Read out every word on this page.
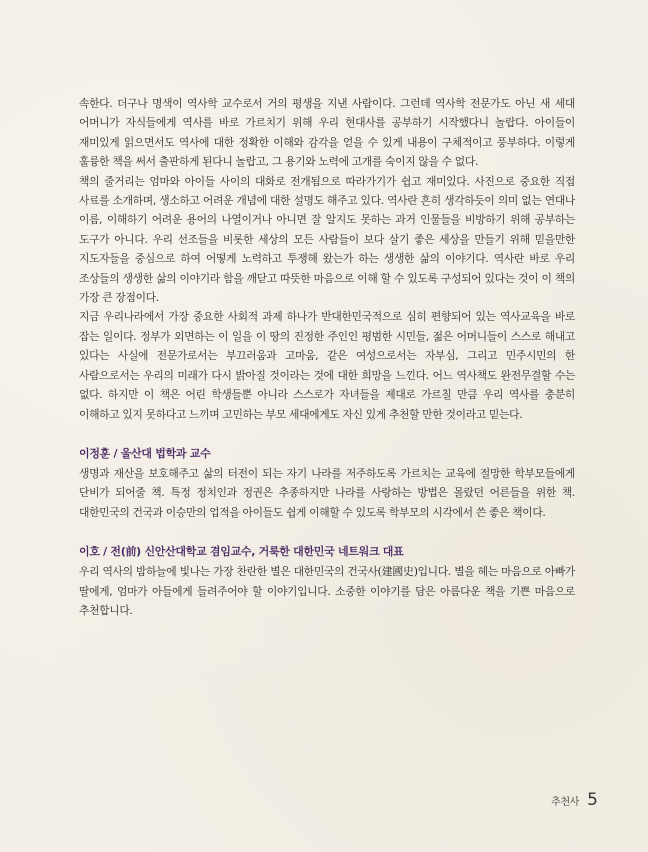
속한다. 더구나 명색이 역사학 교수로서 거의 평생을 지낸 사람이다. 그런데 역사학 전문가도 아닌 새 세대 어머니가 자식들에게 역사를 바로 가르치기 위해 우리 현대사를 공부하기 시작했다니 놀랍다. 아이들이 재미있게 읽으면서도 역사에 대한 정확한 이해와 감각을 얻을 수 있게 내용이 구체적이고 풍부하다. 이렇게 훌륭한 책을 써서 출판하게 된다니 놀랍고, 그 용기와 노력에 고개를 숙이지 않을 수 없다.

책의 줄거리는 엄마와 아이들 사이의 대화로 전개됨으로 따라가기가 쉽고 재미있다. 사진으로 중요한 직접 사료를 소개하며, 생소하고 어려운 개념에 대한 설명도 해주고 있다. 역사란 흔히 생각하듯이 의미 없는 연대나 이름, 이해하기 어려운 용어의 나열이거나 아니면 잘 알지도 못하는 과거 인물들을 비방하기 위해 공부하는 도구가 아니다. 우리 선조들을 비롯한 세상의 모든 사람들이 보다 살기 좋은 세상을 만들기 위해 믿을만한 지도자들을 중심으로 하여 어떻게 노력하고 투쟁해 왔는가 하는 생생한 삶의 이야기다. 역사란 바로 우리 조상들의 생생한 삶의 이야기라 함을 깨닫고 따뜻한 마음으로 이해 할 수 있도록 구성되어 있다는 것이 이 책의 가장 큰 장점이다.

지금 우리나라에서 가장 중요한 사회적 과제 하나가 반대한민국적으로 심히 편향되어 있는 역사교육을 바로 잡는 일이다. 정부가 외면하는 이 일을 이 땅의 진정한 주인인 평범한 시민들, 젊은 어머니들이 스스로 해내고 있다는 사실에 전문가로서는 부끄러움과 고마움, 같은 여성으로서는 자부심, 그리고 민주시민의 한 사람으로서는 우리의 미래가 다시 밝아질 것이라는 것에 대한 희망을 느낀다. 어느 역사책도 완전무결할 수는 없다. 하지만 이 책은 어린 학생들뿐 아니라 스스로가 자녀들을 제대로 가르칠 만큼 우리 역사를 충분히 이해하고 있지 못하다고 느끼며 고민하는 부모 세대에게도 자신 있게 추천할 만한 것이라고 믿는다.

이정훈 / 울산대 법학과 교수

생명과 재산을 보호해주고 삶의 터전이 되는 자기 나라를 저주하도록 가르치는 교육에 절망한 학부모들에게 단비가 되어줄 책. 특정 정치인과 정권은 추종하지만 나라를 사랑하는 방법은 몰랐던 어른들을 위한 책. 대한민국의 건국과 이승만의 업적을 아이들도 쉽게 이해할 수 있도록 학부모의 시각에서 쓴 좋은 책이다.

이호 / 전(前) 신안산대학교 겸임교수, 거룩한 대한민국 네트워크 대표

우리 역사의 밤하늘에 빛나는 가장 찬란한 별은 대한민국의 건국사(建國史)입니다. 별을 헤는 마음으로 아빠가 딸에게, 엄마가 아들에게 들려주어야 할 이야기입니다. 소중한 이야기를 담은 아름다운 책을 기쁜 마음으로 추천합니다.

추천사 5
